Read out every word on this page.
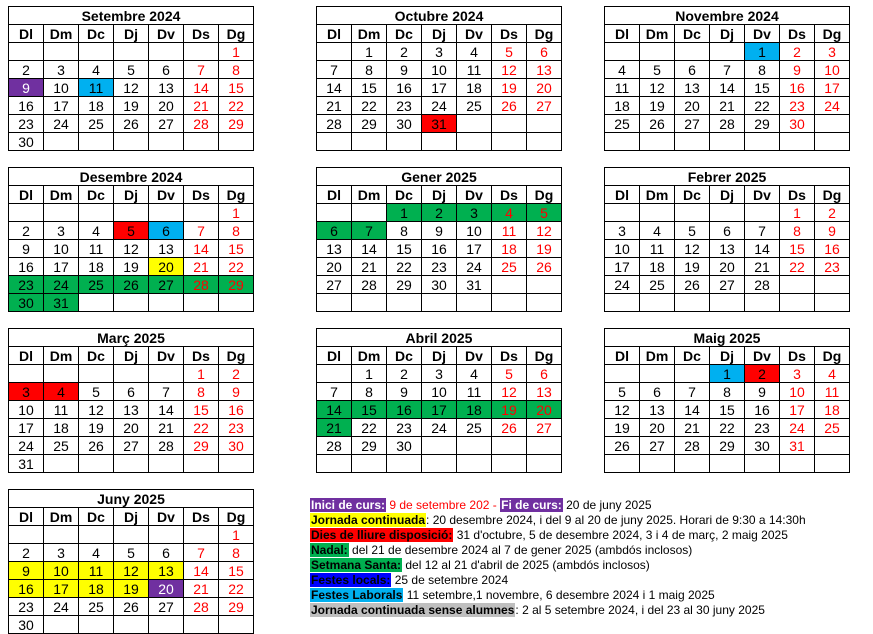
Setembre 2024						
Dl	Dm	Dc	Dj	Dv	Ds	Dg
						1
2	3	4	5	6	7	8
9	10	11	12	13	14	15
16	17	18	19	20	21	22
23	24	25	26	27	28	29
30						
Octubre 2024						
Dl	Dm	Dc	Dj	Dv	Ds	Dg
	1	2	3	4	5	6
7	8	9	10	11	12	13
14	15	16	17	18	19	20
21	22	23	24	25	26	27
28	29	30	31			

Novembre 2024						
Dl	Dm	Dc	Dj	Dv	Ds	Dg
				1	2	3
4	5	6	7	8	9	10
11	12	13	14	15	16	17
18	19	20	21	22	23	24
25	26	27	28	29	30	

Desembre 2024						
Dl	Dm	Dc	Dj	Dv	Ds	Dg
						1
2	3	4	5	6	7	8
9	10	11	12	13	14	15
16	17	18	19	20	21	22
23	24	25	26	27	28	29
30	31					
Gener 2025						
Dl	Dm	Dc	Dj	Dv	Ds	Dg
		1	2	3	4	5
6	7	8	9	10	11	12
13	14	15	16	17	18	19
20	21	22	23	24	25	26
27	28	29	30	31		

Febrer 2025						
Dl	Dm	Dc	Dj	Dv	Ds	Dg
					1	2
3	4	5	6	7	8	9
10	11	12	13	14	15	16
17	18	19	20	21	22	23
24	25	26	27	28		

Març 2025						
Dl	Dm	Dc	Dj	Dv	Ds	Dg
					1	2
3	4	5	6	7	8	9
10	11	12	13	14	15	16
17	18	19	20	21	22	23
24	25	26	27	28	29	30
31						
Abril 2025						
Dl	Dm	Dc	Dj	Dv	Ds	Dg
	1	2	3	4	5	6
7	8	9	10	11	12	13
14	15	16	17	18	19	20
21	22	23	24	25	26	27
28	29	30				

Maig 2025						
Dl	Dm	Dc	Dj	Dv	Ds	Dg
			1	2	3	4
5	6	7	8	9	10	11
12	13	14	15	16	17	18
19	20	21	22	23	24	25
26	27	28	29	30	31	

Juny 2025						
Dl	Dm	Dc	Dj	Dv	Ds	Dg
						1
2	3	4	5	6	7	8
9	10	11	12	13	14	15
16	17	18	19	20	21	22
23	24	25	26	27	28	29
30						
Inici de curs: 9 de setembre 202 - Fi de curs: 20 de juny 2025
Jornada continuada: 20 desembre 2024, i del 9 al 20 de juny 2025. Horari de 9:30 a 14:30h
Dies de lliure disposició: 31 d'octubre, 5 de desembre 2024, 3 i 4 de març, 2 maig 2025
Nadal: del 21 de desembre 2024 al 7 de gener 2025 (ambdós inclosos)
Setmana Santa: del 12 al 21 d'abril de 2025 (ambdós inclosos)
Festes locals: 25 de setembre 2024
Festes Laborals 11 setembre,1 novembre, 6 desembre 2024 i 1 maig 2025
Jornada continuada sense alumnes: 2 al 5 setembre 2024, i del 23 al 30 juny 2025
